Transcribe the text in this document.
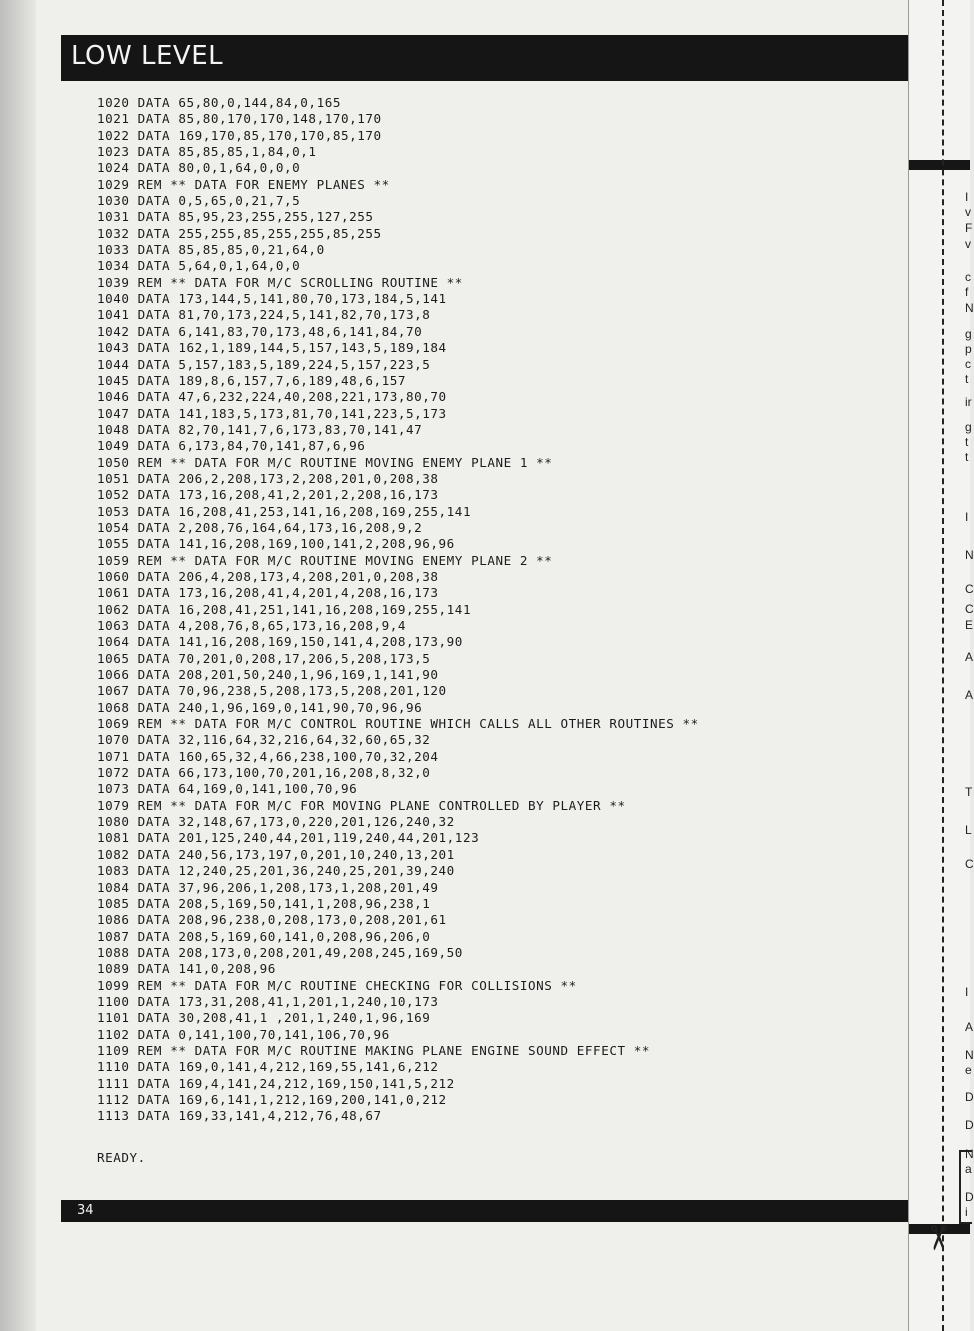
LOW LEVEL
1020 DATA 65,80,0,144,84,0,165
1021 DATA 85,80,170,170,148,170,170
1022 DATA 169,170,85,170,170,85,170
1023 DATA 85,85,85,1,84,0,1
1024 DATA 80,0,1,64,0,0,0
1029 REM ** DATA FOR ENEMY PLANES **
1030 DATA 0,5,65,0,21,7,5
1031 DATA 85,95,23,255,255,127,255
1032 DATA 255,255,85,255,255,85,255
1033 DATA 85,85,85,0,21,64,0
1034 DATA 5,64,0,1,64,0,0
1039 REM ** DATA FOR M/C SCROLLING ROUTINE **
1040 DATA 173,144,5,141,80,70,173,184,5,141
1041 DATA 81,70,173,224,5,141,82,70,173,8
1042 DATA 6,141,83,70,173,48,6,141,84,70
1043 DATA 162,1,189,144,5,157,143,5,189,184
1044 DATA 5,157,183,5,189,224,5,157,223,5
1045 DATA 189,8,6,157,7,6,189,48,6,157
1046 DATA 47,6,232,224,40,208,221,173,80,70
1047 DATA 141,183,5,173,81,70,141,223,5,173
1048 DATA 82,70,141,7,6,173,83,70,141,47
1049 DATA 6,173,84,70,141,87,6,96
1050 REM ** DATA FOR M/C ROUTINE MOVING ENEMY PLANE 1 **
1051 DATA 206,2,208,173,2,208,201,0,208,38
1052 DATA 173,16,208,41,2,201,2,208,16,173
1053 DATA 16,208,41,253,141,16,208,169,255,141
1054 DATA 2,208,76,164,64,173,16,208,9,2
1055 DATA 141,16,208,169,100,141,2,208,96,96
1059 REM ** DATA FOR M/C ROUTINE MOVING ENEMY PLANE 2 **
1060 DATA 206,4,208,173,4,208,201,0,208,38
1061 DATA 173,16,208,41,4,201,4,208,16,173
1062 DATA 16,208,41,251,141,16,208,169,255,141
1063 DATA 4,208,76,8,65,173,16,208,9,4
1064 DATA 141,16,208,169,150,141,4,208,173,90
1065 DATA 70,201,0,208,17,206,5,208,173,5
1066 DATA 208,201,50,240,1,96,169,1,141,90
1067 DATA 70,96,238,5,208,173,5,208,201,120
1068 DATA 240,1,96,169,0,141,90,70,96,96
1069 REM ** DATA FOR M/C CONTROL ROUTINE WHICH CALLS ALL OTHER ROUTINES **
1070 DATA 32,116,64,32,216,64,32,60,65,32
1071 DATA 160,65,32,4,66,238,100,70,32,204
1072 DATA 66,173,100,70,201,16,208,8,32,0
1073 DATA 64,169,0,141,100,70,96
1079 REM ** DATA FOR M/C FOR MOVING PLANE CONTROLLED BY PLAYER **
1080 DATA 32,148,67,173,0,220,201,126,240,32
1081 DATA 201,125,240,44,201,119,240,44,201,123
1082 DATA 240,56,173,197,0,201,10,240,13,201
1083 DATA 12,240,25,201,36,240,25,201,39,240
1084 DATA 37,96,206,1,208,173,1,208,201,49
1085 DATA 208,5,169,50,141,1,208,96,238,1
1086 DATA 208,96,238,0,208,173,0,208,201,61
1087 DATA 208,5,169,60,141,0,208,96,206,0
1088 DATA 208,173,0,208,201,49,208,245,169,50
1089 DATA 141,0,208,96
1099 REM ** DATA FOR M/C ROUTINE CHECKING FOR COLLISIONS **
1100 DATA 173,31,208,41,1,201,1,240,10,173
1101 DATA 30,208,41,1 ,201,1,240,1,96,169
1102 DATA 0,141,100,70,141,106,70,96
1109 REM ** DATA FOR M/C ROUTINE MAKING PLANE ENGINE SOUND EFFECT **
1110 DATA 169,0,141,4,212,169,55,141,6,212
1111 DATA 169,4,141,24,212,169,150,141,5,212
1112 DATA 169,6,141,1,212,169,200,141,0,212
1113 DATA 169,33,141,4,212,76,48,67
READY.
34
✂
I
v
F
v
c
f
N
g
p
c
t
ir
g
t
t
I
N
C
C
E
A
A
T
L
C
I
A
N
e
D
D
N
a
D
i
